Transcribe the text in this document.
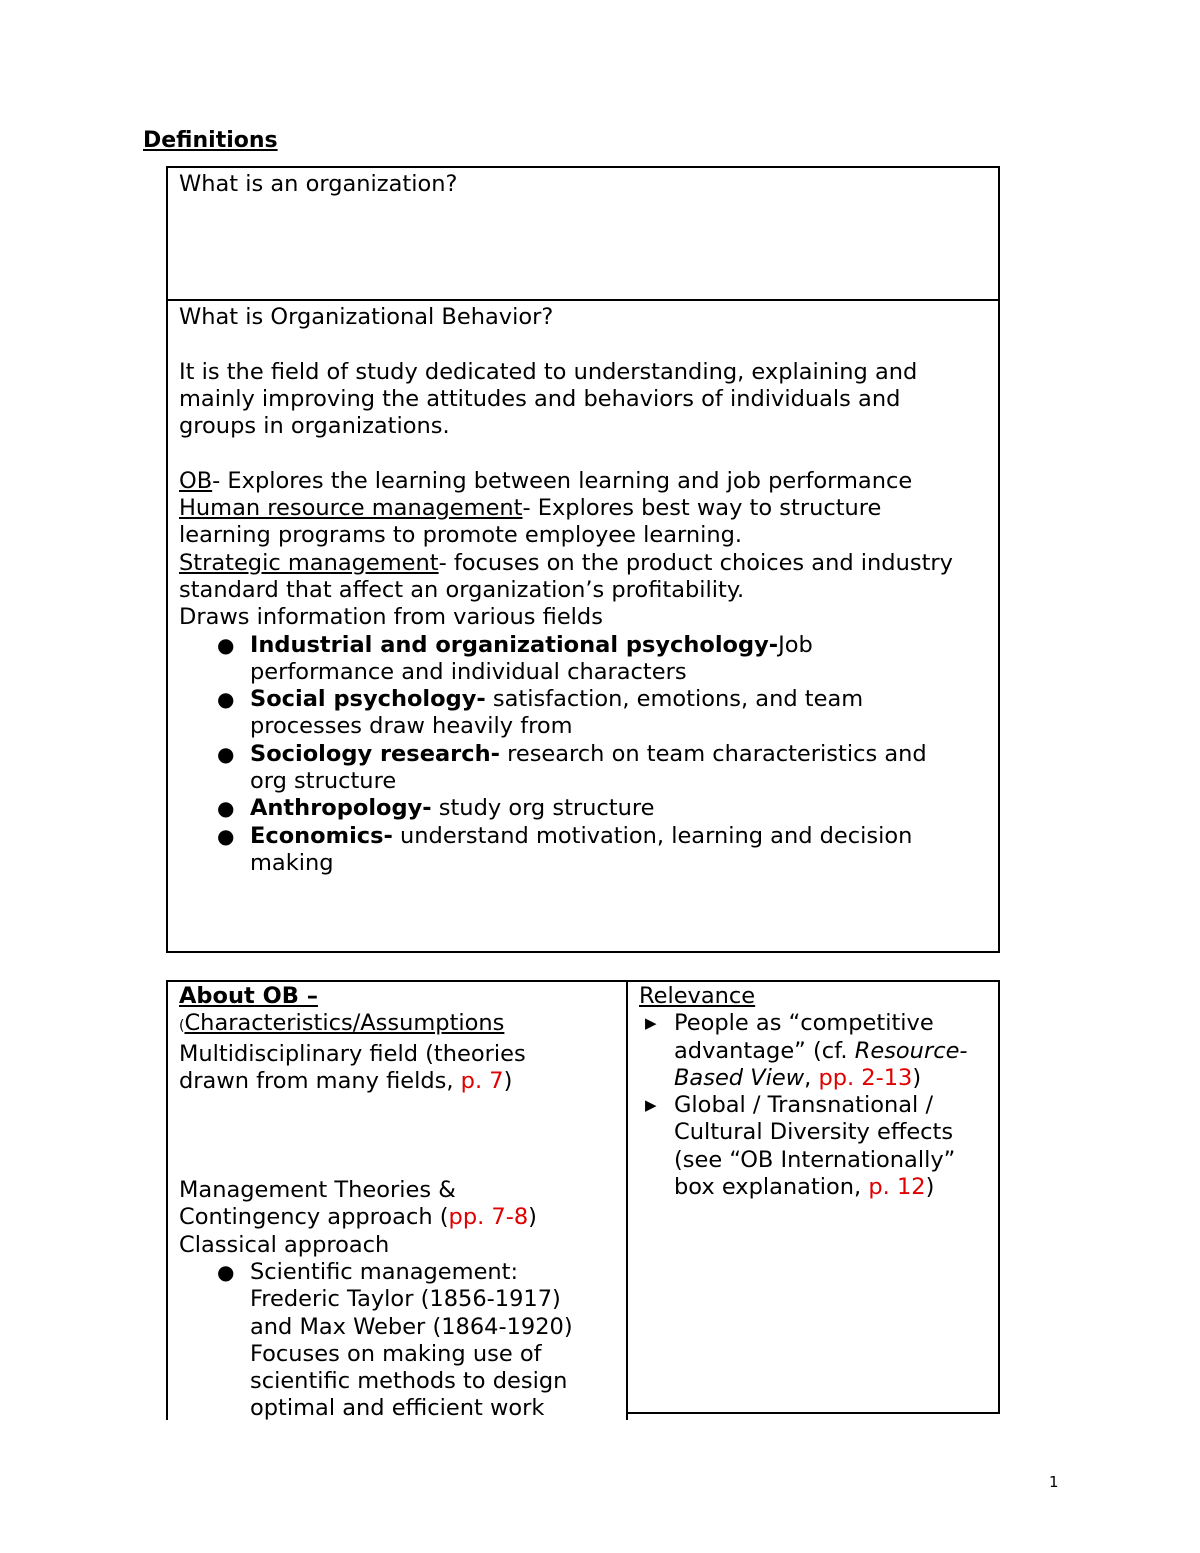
Definitions
What is an organization?
What is Organizational Behavior?
It is the field of study dedicated to understanding, explaining and
mainly improving the attitudes and behaviors of individuals and
groups in organizations.
OB- Explores the learning between learning and job performance
Human resource management- Explores best way to structure
learning programs to promote employee learning.
Strategic management- focuses on the product choices and industry
standard that affect an organization’s profitability.
Draws information from various fields
● Industrial and organizational psychology-Job
performance and individual characters
● Social psychology- satisfaction, emotions, and team
processes draw heavily from
● Sociology research- research on team characteristics and
org structure
● Anthropology- study org structure
● Economics- understand motivation, learning and decision
making
About OB –
(Characteristics/Assumptions
Multidisciplinary field (theories
drawn from many fields, p. 7)
Management Theories &
Contingency approach (pp. 7-8)
Classical approach
● Scientific management:
Frederic Taylor (1856-1917)
and Max Weber (1864-1920)
Focuses on making use of
scientific methods to design
optimal and efficient work
Relevance
▶ People as “competitive
advantage” (cf. Resource-
Based View, pp. 2-13)
▶ Global / Transnational /
Cultural Diversity effects
(see “OB Internationally”
box explanation, p. 12)
1
